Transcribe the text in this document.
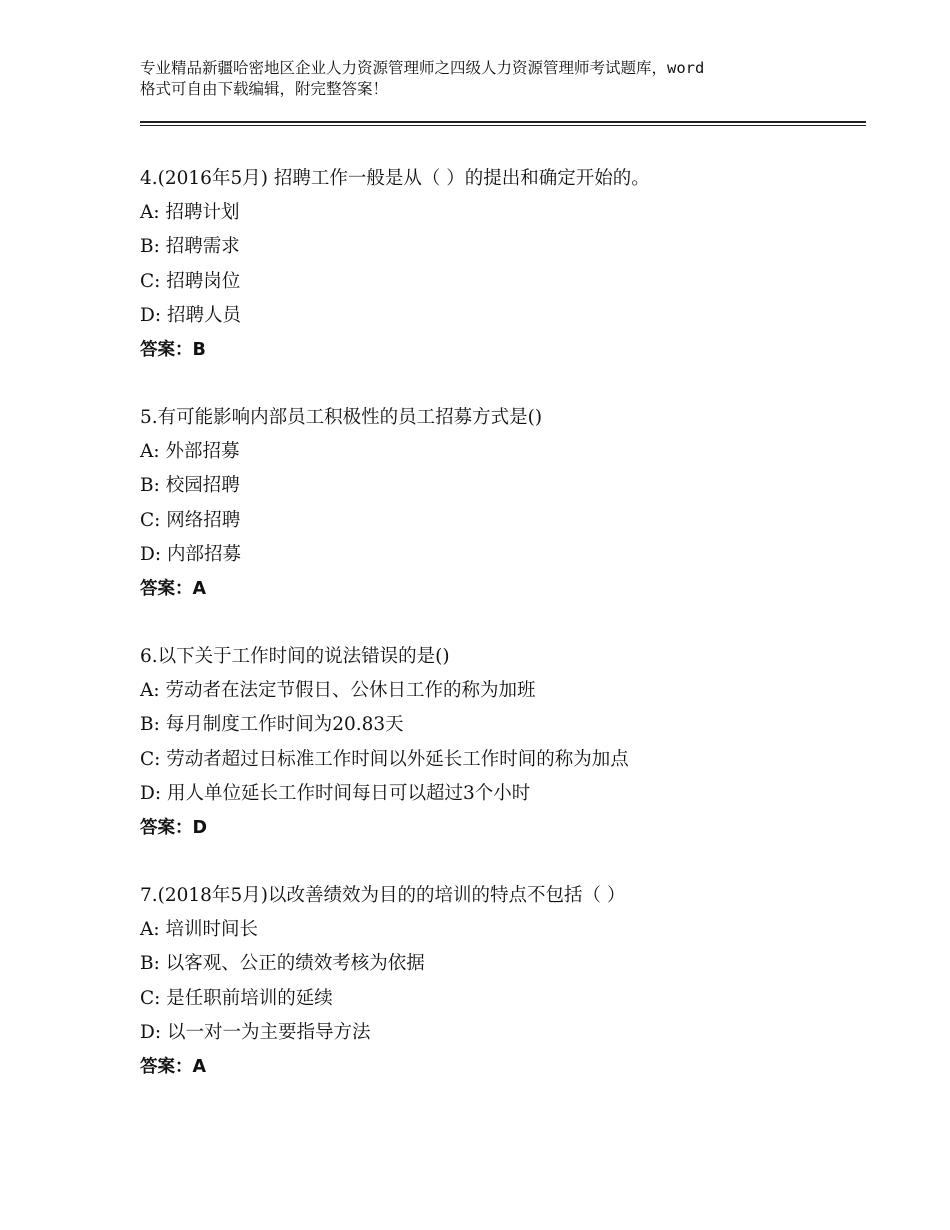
专业精品新疆哈密地区企业人力资源管理师之四级人力资源管理师考试题库，word
格式可自由下载编辑，附完整答案！
4.(2016年5月) 招聘工作一般是从（ ）的提出和确定开始的。
A: 招聘计划
B: 招聘需求
C: 招聘岗位
D: 招聘人员
答案：B
5.有可能影响内部员工积极性的员工招募方式是()
A: 外部招募
B: 校园招聘
C: 网络招聘
D: 内部招募
答案：A
6.以下关于工作时间的说法错误的是()
A: 劳动者在法定节假日、公休日工作的称为加班
B: 每月制度工作时间为20.83天
C: 劳动者超过日标准工作时间以外延长工作时间的称为加点
D: 用人单位延长工作时间每日可以超过3个小时
答案：D
7.(2018年5月)以改善绩效为目的的培训的特点不包括（ ）
A: 培训时间长
B: 以客观、公正的绩效考核为依据
C: 是任职前培训的延续
D: 以一对一为主要指导方法
答案：A
